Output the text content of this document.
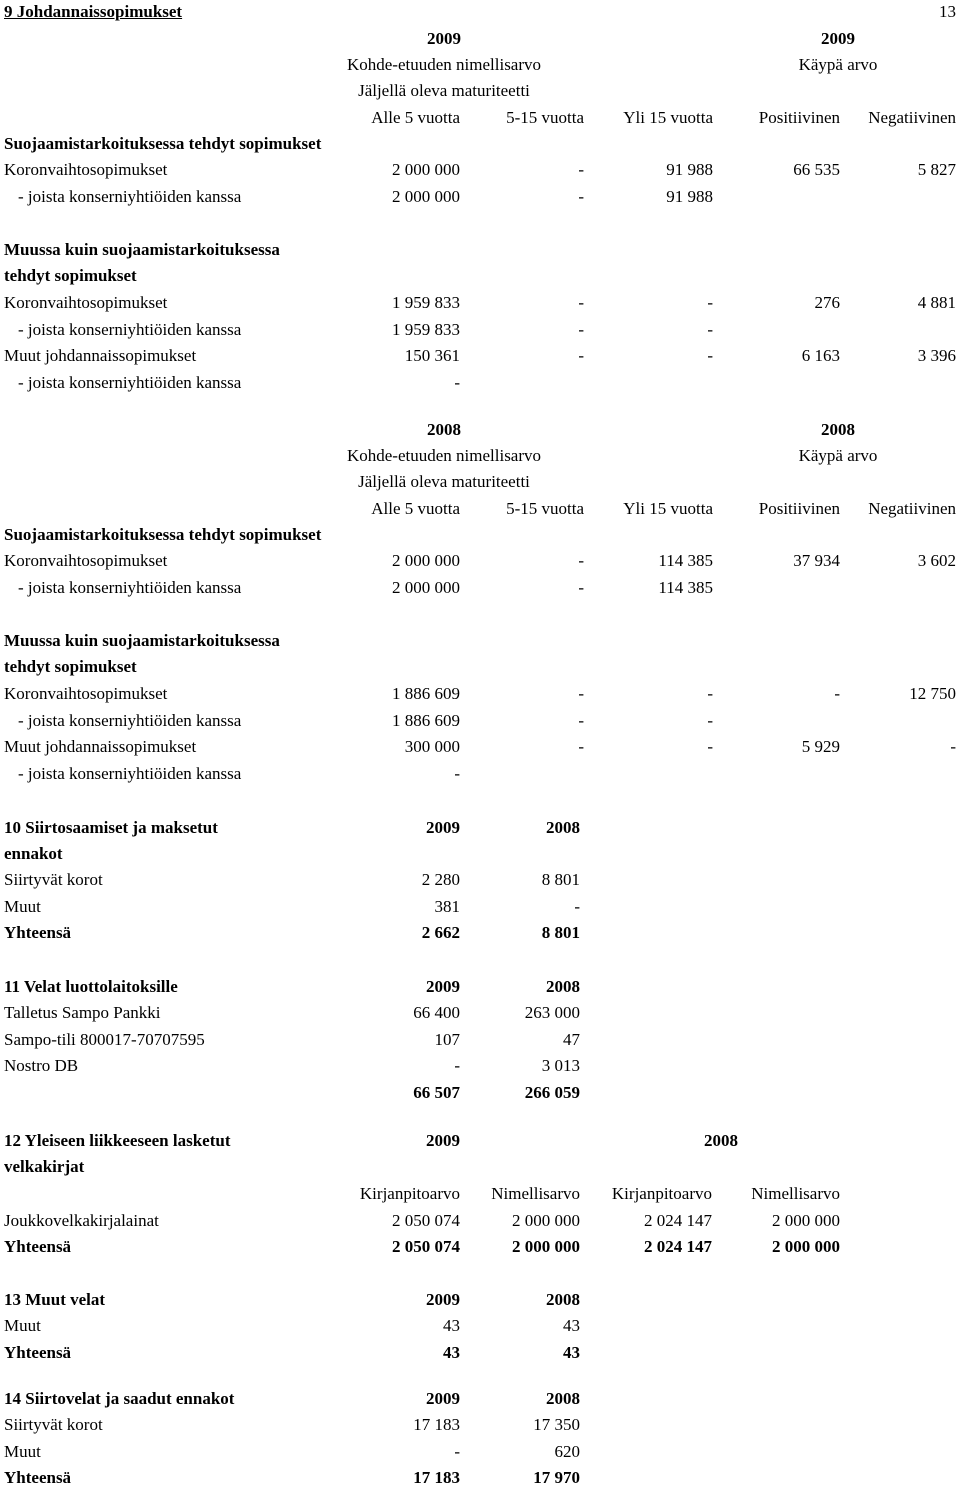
9 Johdannaissopimukset	13
2009	2009
Kohde-etuuden nimellisarvo	Käypä arvo
Jäljellä oleva maturiteetti
Alle 5 vuotta	5-15 vuotta	Yli 15 vuotta	Positiivinen	Negatiivinen
Suojaamistarkoituksessa tehdyt sopimukset
Koronvaihtosopimukset	2 000 000	-	91 988	66 535	5 827
- joista konserniyhtiöiden kanssa	2 000 000	-	91 988
Muussa kuin suojaamistarkoituksessa
tehdyt sopimukset
Koronvaihtosopimukset	1 959 833	-	-	276	4 881
- joista konserniyhtiöiden kanssa	1 959 833	-	-
Muut johdannaissopimukset	150 361	-	-	6 163	3 396
- joista konserniyhtiöiden kanssa	-
2008	2008
Kohde-etuuden nimellisarvo	Käypä arvo
Jäljellä oleva maturiteetti
Alle 5 vuotta	5-15 vuotta	Yli 15 vuotta	Positiivinen	Negatiivinen
Suojaamistarkoituksessa tehdyt sopimukset
Koronvaihtosopimukset	2 000 000	-	114 385	37 934	3 602
- joista konserniyhtiöiden kanssa	2 000 000	-	114 385
Muussa kuin suojaamistarkoituksessa
tehdyt sopimukset
Koronvaihtosopimukset	1 886 609	-	-	-	12 750
- joista konserniyhtiöiden kanssa	1 886 609	-	-
Muut johdannaissopimukset	300 000	-	-	5 929	-
- joista konserniyhtiöiden kanssa	-
10 Siirtosaamiset ja maksetut
ennakot
2009	2008
Siirtyvät korot	2 280	8 801
Muut	381	-
Yhteensä	2 662	8 801
11 Velat luottolaitoksille	2009	2008
Talletus Sampo Pankki	66 400	263 000
Sampo-tili 800017-70707595	107	47
Nostro DB	-	3 013
66 507	266 059
12 Yleiseen liikkeeseen lasketut
velkakirjat
2009	2008
Kirjanpitoarvo	Nimellisarvo	Kirjanpitoarvo	Nimellisarvo
Joukkovelkakirjalainat	2 050 074	2 000 000	2 024 147	2 000 000
Yhteensä	2 050 074	2 000 000	2 024 147	2 000 000
13 Muut velat	2009	2008
Muut	43	43
Yhteensä	43	43
14 Siirtovelat ja saadut ennakot	2009	2008
Siirtyvät korot	17 183	17 350
Muut	-	620
Yhteensä	17 183	17 970
